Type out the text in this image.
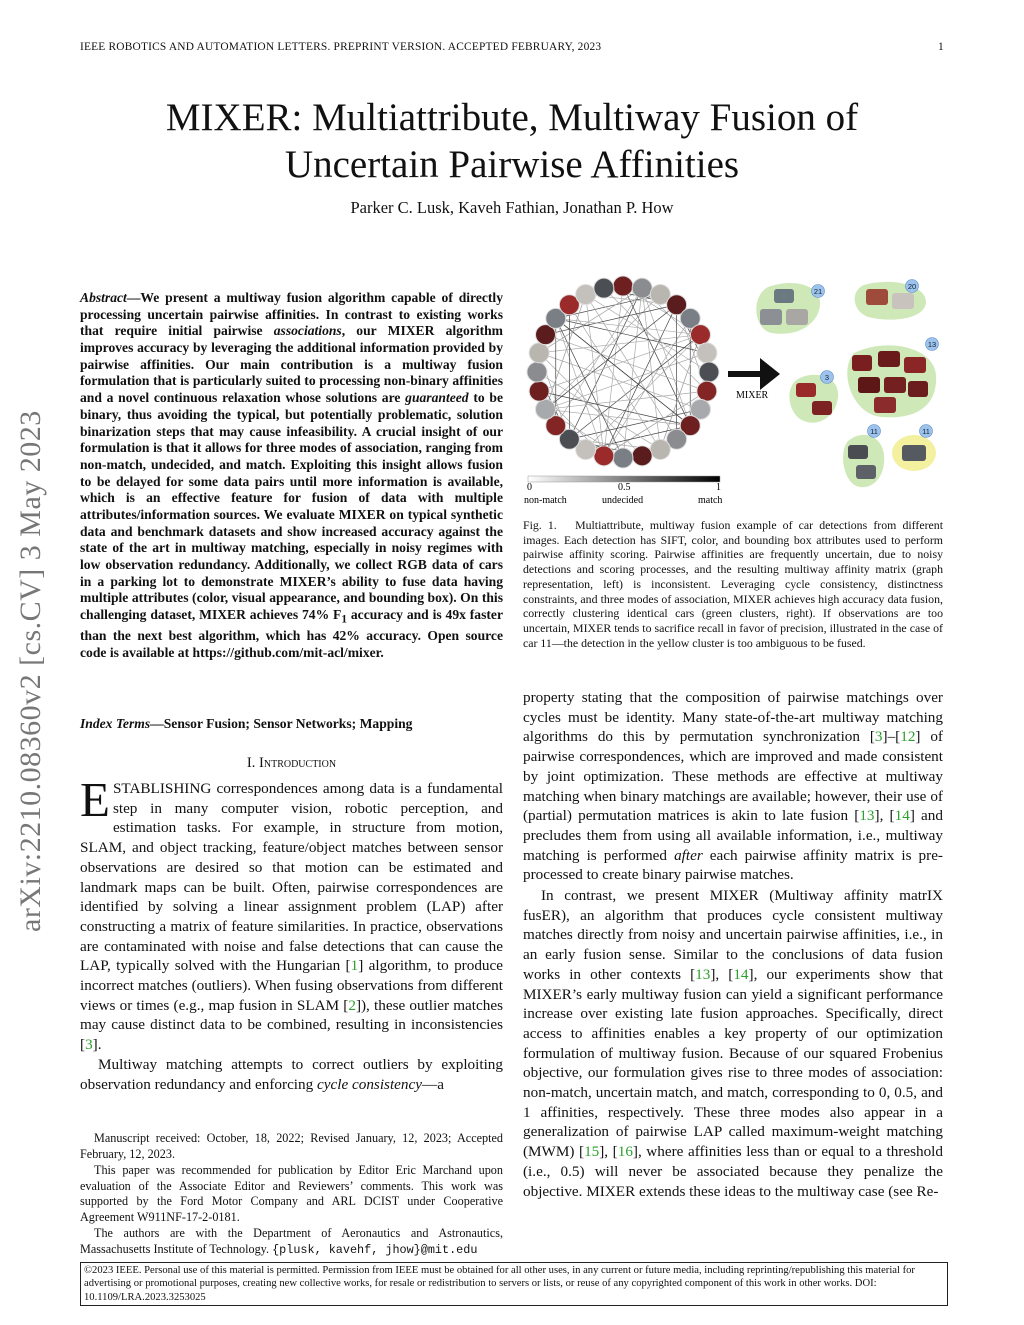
IEEE ROBOTICS AND AUTOMATION LETTERS. PREPRINT VERSION. ACCEPTED FEBRUARY, 2023	1
MIXER: Multiattribute, Multiway Fusion of
Uncertain Pairwise Affinities
Parker C. Lusk, Kaveh Fathian, Jonathan P. How
arXiv:2210.08360v2 [cs.CV] 3 May 2023
Abstract—We present a multiway fusion algorithm capable of directly processing uncertain pairwise affinities. In contrast to existing works that require initial pairwise associations, our MIXER algorithm improves accuracy by leveraging the additional information provided by pairwise affinities. Our main contribution is a multiway fusion formulation that is particularly suited to processing non-binary affinities and a novel continuous relaxation whose solutions are guaranteed to be binary, thus avoiding the typical, but potentially problematic, solution binarization steps that may cause infeasibility. A crucial insight of our formulation is that it allows for three modes of association, ranging from non-match, undecided, and match. Exploiting this insight allows fusion to be delayed for some data pairs until more information is available, which is an effective feature for fusion of data with multiple attributes/information sources. We evaluate MIXER on typical synthetic data and benchmark datasets and show increased accuracy against the state of the art in multiway matching, especially in noisy regimes with low observation redundancy. Additionally, we collect RGB data of cars in a parking lot to demonstrate MIXER’s ability to fuse data having multiple attributes (color, visual appearance, and bounding box). On this challenging dataset, MIXER achieves 74% $F_1$ accuracy and is 49x faster than the next best algorithm, which has 42% accuracy. Open source code is available at https://github.com/mit-acl/mixer.
Index Terms—Sensor Fusion; Sensor Networks; Mapping
I. Introduction

ESTABLISHING correspondences among data is a fundamental step in many computer vision, robotic perception, and estimation tasks. For example, in structure from motion, SLAM, and object tracking, feature/object matches between sensor observations are desired so that motion can be estimated and landmark maps can be built. Often, pairwise correspondences are identified by solving a linear assignment problem (LAP) after constructing a matrix of feature similarities. In practice, observations are contaminated with noise and false detections that can cause the LAP, typically solved with the Hungarian [1] algorithm, to produce incorrect matches (outliers). When fusing observations from different views or times (e.g., map fusion in SLAM [2]), these outlier matches may cause distinct data to be combined, resulting in inconsistencies [3].

Multiway matching attempts to correct outliers by exploiting observation redundancy and enforcing cycle consistency—a

Manuscript received: October, 18, 2022; Revised January, 12, 2023; Accepted February, 12, 2023.

This paper was recommended for publication by Editor Eric Marchand upon evaluation of the Associate Editor and Reviewers’ comments. This work was supported by the Ford Motor Company and ARL DCIST under Cooperative Agreement W911NF-17-2-0181.

The authors are with the Department of Aeronautics and Astronautics, Massachusetts Institute of Technology. {plusk, kavehf, jhow}@mit.edu

MIXER
0	0.5	1
non-match	undecided	match
21
20
13
3
11	11
Fig. 1. Multiattribute, multiway fusion example of car detections from different images. Each detection has SIFT, color, and bounding box attributes used to perform pairwise affinity scoring. Pairwise affinities are frequently uncertain, due to noisy detections and scoring processes, and the resulting multiway affinity matrix (graph representation, left) is inconsistent. Leveraging cycle consistency, distinctness constraints, and three modes of association, MIXER achieves high accuracy data fusion, correctly clustering identical cars (green clusters, right). If observations are too uncertain, MIXER tends to sacrifice recall in favor of precision, illustrated in the case of car 11—the detection in the yellow cluster is too ambiguous to be fused.

property stating that the composition of pairwise matchings over cycles must be identity. Many state-of-the-art multiway matching algorithms do this by permutation synchronization [3]–[12] of pairwise correspondences, which are improved and made consistent by joint optimization. These methods are effective at multiway matching when binary matchings are available; however, their use of (partial) permutation matrices is akin to late fusion [13], [14] and precludes them from using all available information, i.e., multiway matching is performed after each pairwise affinity matrix is pre-processed to create binary pairwise matches.

In contrast, we present MIXER (Multiway affinity matrIX fusER), an algorithm that produces cycle consistent multiway matches directly from noisy and uncertain pairwise affinities, i.e., in an early fusion sense. Similar to the conclusions of data fusion works in other contexts [13], [14], our experiments show that MIXER’s early multiway fusion can yield a significant performance increase over existing late fusion approaches. Specifically, direct access to affinities enables a key property of our optimization formulation of multiway fusion. Because of our squared Frobenius objective, our formulation gives rise to three modes of association: non-match, uncertain match, and match, corresponding to 0, 0.5, and 1 affinities, respectively. These three modes also appear in a generalization of pairwise LAP called maximum-weight matching (MWM) [15], [16], where affinities less than or equal to a threshold (i.e., 0.5) will never be associated because they penalize the objective. MIXER extends these ideas to the multiway case (see Re-

©2023 IEEE. Personal use of this material is permitted. Permission from IEEE must be obtained for all other uses, in any current or future media, including reprinting/republishing this material for advertising or promotional purposes, creating new collective works, for resale or redistribution to servers or lists, or reuse of any copyrighted component of this work in other works. DOI: 10.1109/LRA.2023.3253025
